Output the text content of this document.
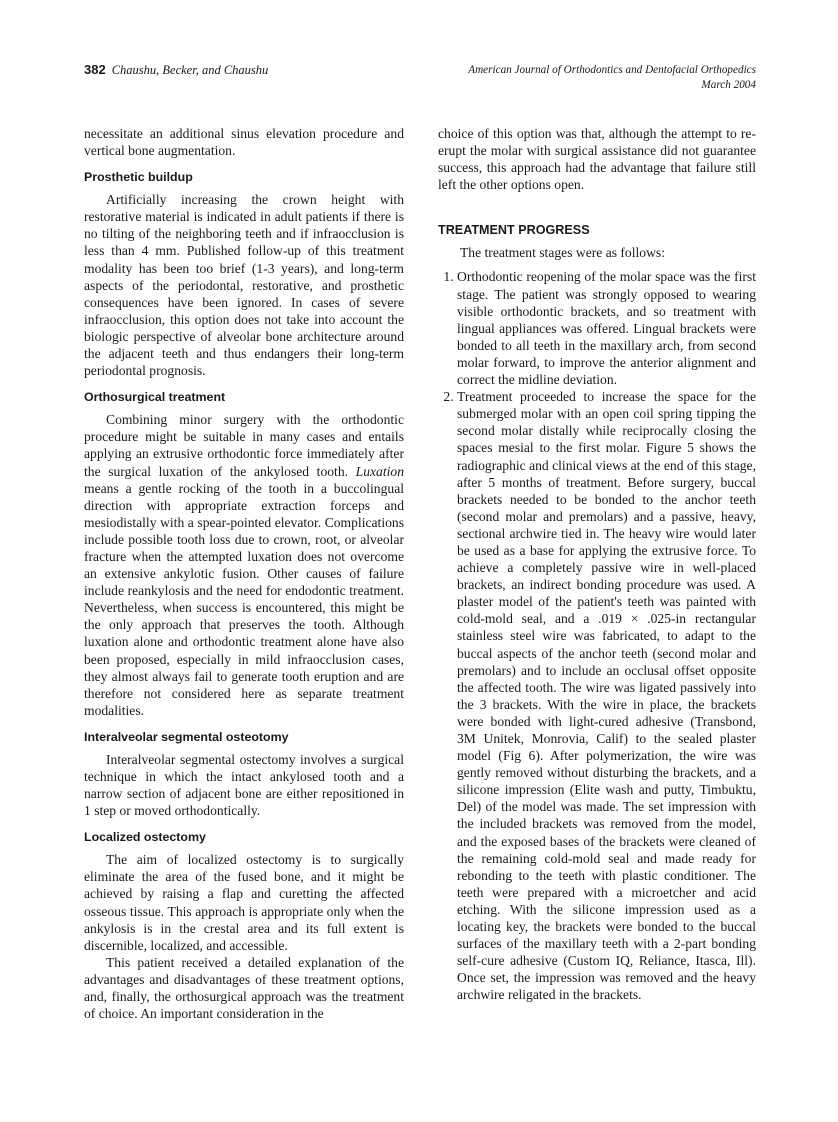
382 Chaushu, Becker, and Chaushu	American Journal of Orthodontics and Dentofacial Orthopedics
March 2004

necessitate an additional sinus elevation procedure and vertical bone augmentation.

Prosthetic buildup

Artificially increasing the crown height with restorative material is indicated in adult patients if there is no tilting of the neighboring teeth and if infraocclusion is less than 4 mm. Published follow-up of this treatment modality has been too brief (1-3 years), and long-term aspects of the periodontal, restorative, and prosthetic consequences have been ignored. In cases of severe infraocclusion, this option does not take into account the biologic perspective of alveolar bone architecture around the adjacent teeth and thus endangers their long-term periodontal prognosis.

Orthosurgical treatment

Combining minor surgery with the orthodontic procedure might be suitable in many cases and entails applying an extrusive orthodontic force immediately after the surgical luxation of the ankylosed tooth. Luxation means a gentle rocking of the tooth in a buccolingual direction with appropriate extraction forceps and mesiodistally with a spear-pointed elevator. Complications include possible tooth loss due to crown, root, or alveolar fracture when the attempted luxation does not overcome an extensive ankylotic fusion. Other causes of failure include reankylosis and the need for endodontic treatment. Nevertheless, when success is encountered, this might be the only approach that preserves the tooth. Although luxation alone and orthodontic treatment alone have also been proposed, especially in mild infraocclusion cases, they almost always fail to generate tooth eruption and are therefore not considered here as separate treatment modalities.

Interalveolar segmental osteotomy

Interalveolar segmental ostectomy involves a surgical technique in which the intact ankylosed tooth and a narrow section of adjacent bone are either repositioned in 1 step or moved orthodontically.

Localized ostectomy

The aim of localized ostectomy is to surgically eliminate the area of the fused bone, and it might be achieved by raising a flap and curetting the affected osseous tissue. This approach is appropriate only when the ankylosis is in the crestal area and its full extent is discernible, localized, and accessible.

This patient received a detailed explanation of the advantages and disadvantages of these treatment options, and, finally, the orthosurgical approach was the treatment of choice. An important consideration in the

choice of this option was that, although the attempt to re-erupt the molar with surgical assistance did not guarantee success, this approach had the advantage that failure still left the other options open.

TREATMENT PROGRESS

The treatment stages were as follows:

1. Orthodontic reopening of the molar space was the first stage. The patient was strongly opposed to wearing visible orthodontic brackets, and so treatment with lingual appliances was offered. Lingual brackets were bonded to all teeth in the maxillary arch, from second molar forward, to improve the anterior alignment and correct the midline deviation.
2. Treatment proceeded to increase the space for the submerged molar with an open coil spring tipping the second molar distally while reciprocally closing the spaces mesial to the first molar. Figure 5 shows the radiographic and clinical views at the end of this stage, after 5 months of treatment. Before surgery, buccal brackets needed to be bonded to the anchor teeth (second molar and premolars) and a passive, heavy, sectional archwire tied in. The heavy wire would later be used as a base for applying the extrusive force. To achieve a completely passive wire in well-placed brackets, an indirect bonding procedure was used. A plaster model of the patient's teeth was painted with cold-mold seal, and a .019 × .025-in rectangular stainless steel wire was fabricated, to adapt to the buccal aspects of the anchor teeth (second molar and premolars) and to include an occlusal offset opposite the affected tooth. The wire was ligated passively into the 3 brackets. With the wire in place, the brackets were bonded with light-cured adhesive (Transbond, 3M Unitek, Monrovia, Calif) to the sealed plaster model (Fig 6). After polymerization, the wire was gently removed without disturbing the brackets, and a silicone impression (Elite wash and putty, Timbuktu, Del) of the model was made. The set impression with the included brackets was removed from the model, and the exposed bases of the brackets were cleaned of the remaining cold-mold seal and made ready for rebonding to the teeth with plastic conditioner. The teeth were prepared with a microetcher and acid etching. With the silicone impression used as a locating key, the brackets were bonded to the buccal surfaces of the maxillary teeth with a 2-part bonding self-cure adhesive (Custom IQ, Reliance, Itasca, Ill). Once set, the impression was removed and the heavy archwire religated in the brackets.
